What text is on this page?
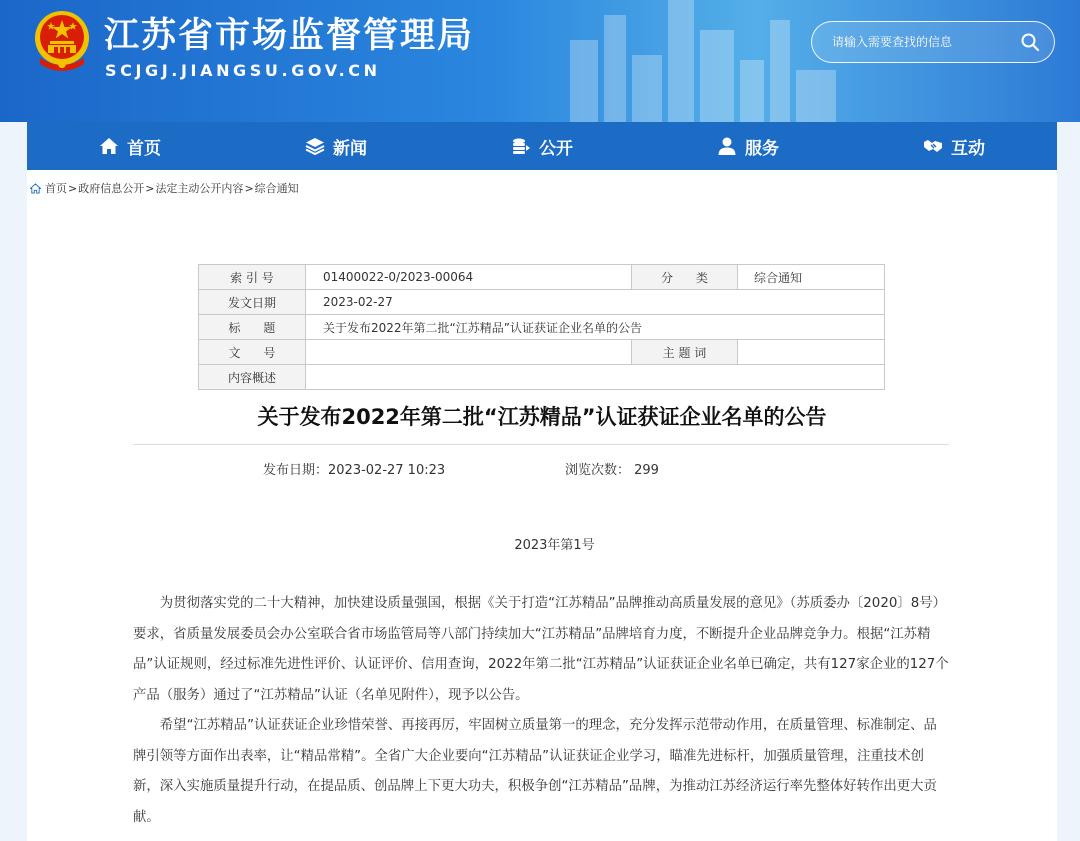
江苏省市场监督管理局
SCJGJ.JIANGSU.GOV.CN
请输入需要查找的信息
首页	新闻	公开	服务	互动
首页 > 政府信息公开 > 法定主动公开内容 > 综合通知
索 引 号	01400022-0/2023-00064	分      类	综合通知
发文日期	2023-02-27		
标      题	关于发布2022年第二批“江苏精品”认证获证企业名单的公告		
文      号		主 题 词	
内容概述			
关于发布2022年第二批“江苏精品”认证获证企业名单的公告
发布日期：2023-02-27 10:23	浏览次数： 299
2023年第1号

为贯彻落实党的二十大精神，加快建设质量强国，根据《关于打造“江苏精品”品牌推动高质量发展的意见》（苏质委办〔2020〕8号）要求，省质量发展委员会办公室联合省市场监管局等八部门持续加大“江苏精品”品牌培育力度，不断提升企业品牌竞争力。根据“江苏精品”认证规则，经过标准先进性评价、认证评价、信用查询，2022年第二批“江苏精品”认证获证企业名单已确定，共有127家企业的127个产品（服务）通过了“江苏精品”认证（名单见附件），现予以公告。

希望“江苏精品”认证获证企业珍惜荣誉、再接再厉，牢固树立质量第一的理念，充分发挥示范带动作用，在质量管理、标准制定、品牌引领等方面作出表率，让“精品常精”。全省广大企业要向“江苏精品”认证获证企业学习，瞄准先进标杆，加强质量管理，注重技术创新，深入实施质量提升行动，在提品质、创品牌上下更大功夫，积极争创“江苏精品”品牌，为推动江苏经济运行率先整体好转作出更大贡献。
